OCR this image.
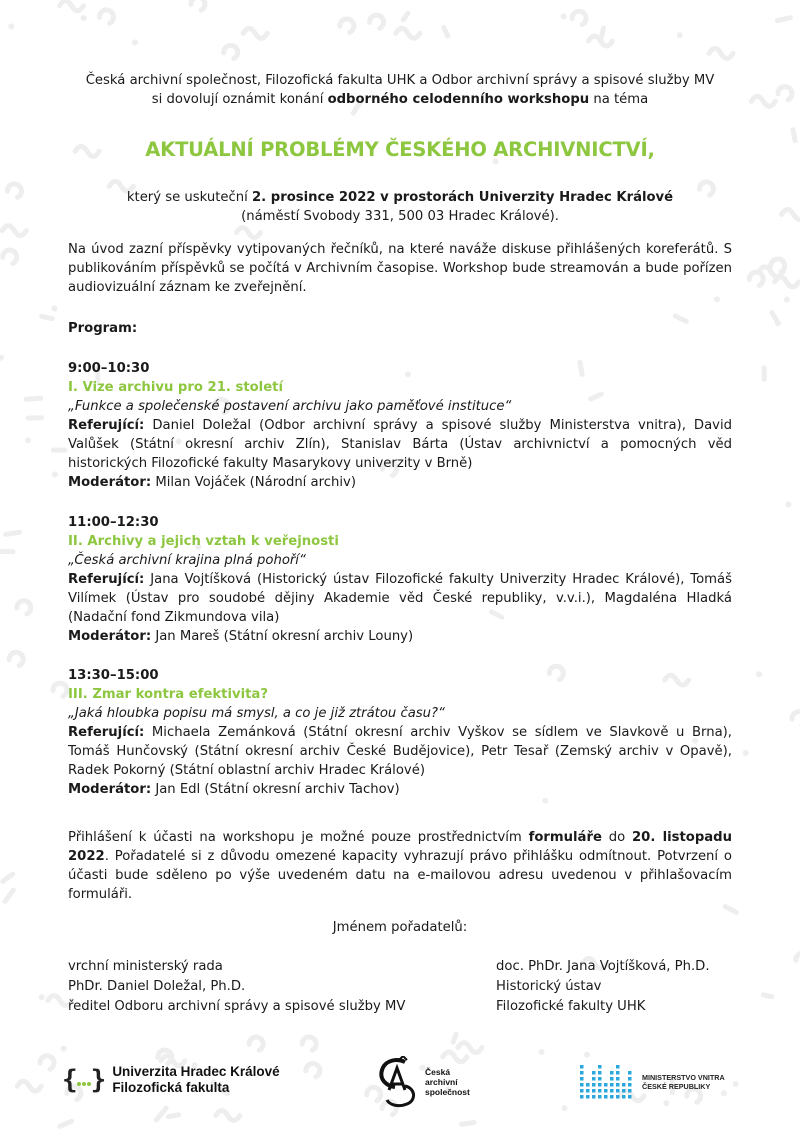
Česká archivní společnost, Filozofická fakulta UHK a Odbor archivní správy a spisové služby MV
si dovolují oznámit konání odborného celodenního workshopu na téma
AKTUÁLNÍ PROBLÉMY ČESKÉHO ARCHIVNICTVÍ,
který se uskuteční 2. prosince 2022 v prostorách Univerzity Hradec Králové
(náměstí Svobody 331, 500 03 Hradec Králové).

Na úvod zazní příspěvky vytipovaných řečníků, na které naváže diskuse přihlášených koreferátů. S publikováním příspěvků se počítá v Archivním časopise. Workshop bude streamován a bude pořízen audiovizuální záznam ke zveřejnění.

Program:
9:00–10:30
I. Vize archivu pro 21. století
„Funkce a společenské postavení archivu jako paměťové instituce“
Referující: Daniel Doležal (Odbor archivní správy a spisové služby Ministerstva vnitra), David Valůšek (Státní okresní archiv Zlín), Stanislav Bárta (Ústav archivnictví a pomocných věd historických Filozofické fakulty Masarykovy univerzity v Brně)
Moderátor: Milan Vojáček (Národní archiv)
11:00–12:30
II. Archivy a jejich vztah k veřejnosti
„Česká archivní krajina plná pohoří“
Referující: Jana Vojtíšková (Historický ústav Filozofické fakulty Univerzity Hradec Králové), Tomáš Vilímek (Ústav pro soudobé dějiny Akademie věd České republiky, v.v.i.), Magdaléna Hladká (Nadační fond Zikmundova vila)
Moderátor: Jan Mareš (Státní okresní archiv Louny)
13:30–15:00
III. Zmar kontra efektivita?
„Jaká hloubka popisu má smysl, a co je již ztrátou času?“
Referující: Michaela Zemánková (Státní okresní archiv Vyškov se sídlem ve Slavkově u Brna), Tomáš Hunčovský (Státní okresní archiv České Budějovice), Petr Tesař (Zemský archiv v Opavě), Radek Pokorný (Státní oblastní archiv Hradec Králové)
Moderátor: Jan Edl (Státní okresní archiv Tachov)

Přihlášení k účasti na workshopu je možné pouze prostřednictvím formuláře do 20. listopadu 2022. Pořadatelé si z důvodu omezené kapacity vyhrazují právo přihlášku odmítnout. Potvrzení o účasti bude sděleno po výše uvedeném datu na e-mailovou adresu uvedenou v přihlašovacím formuláři.

Jménem pořadatelů:
vrchní ministerský rada
PhDr. Daniel Doležal, Ph.D.
ředitel Odboru archivní správy a spisové služby MV
doc. PhDr. Jana Vojtíšková, Ph.D.
Historický ústav
Filozofické fakulty UHK
{ } Univerzita Hradec Králové
Filozofická fakulta
Česká
archivní
společnost
MINISTERSTVO VNITRA
ČESKÉ REPUBLIKY
